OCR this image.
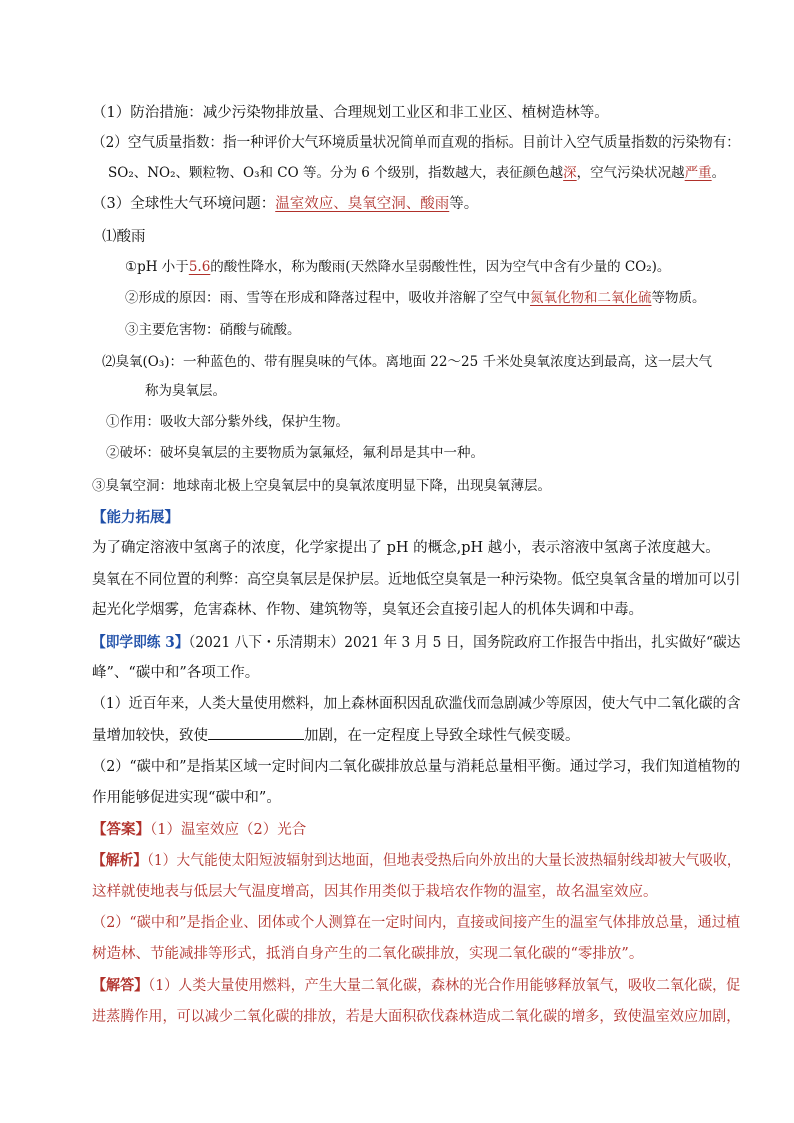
（1）防治措施：减少污染物排放量、合理规划工业区和非工业区、植树造林等。
（2）空气质量指数：指一种评价大气环境质量状况简单而直观的指标。目前计入空气质量指数的污染物有：
SO₂、NO₂、颗粒物、O₃和 CO 等。分为 6 个级别，指数越大，表征颜色越深，空气污染状况越严重。
（3）全球性大气环境问题：温室效应、臭氧空洞、酸雨等。
⑴酸雨
①pH 小于5.6的酸性降水，称为酸雨(天然降水呈弱酸性性，因为空气中含有少量的 CO₂)。
②形成的原因：雨、雪等在形成和降落过程中，吸收并溶解了空气中氮氧化物和二氧化硫等物质。
③主要危害物：硝酸与硫酸。
⑵臭氧(O₃)：一种蓝色的、带有腥臭味的气体。离地面 22～25 千米处臭氧浓度达到最高，这一层大气
称为臭氧层。
①作用：吸收大部分紫外线，保护生物。
②破坏：破坏臭氧层的主要物质为氯氟烃，氟利昂是其中一种。
③臭氧空洞：地球南北极上空臭氧层中的臭氧浓度明显下降，出现臭氧薄层。
【能力拓展】
为了确定溶液中氢离子的浓度，化学家提出了 pH 的概念,pH 越小，表示溶液中氢离子浓度越大。
臭氧在不同位置的利弊：高空臭氧层是保护层。近地低空臭氧是一种污染物。低空臭氧含量的增加可以引
起光化学烟雾，危害森林、作物、建筑物等，臭氧还会直接引起人的机体失调和中毒。
【即学即练 3】（2021 八下・乐清期末）2021 年 3 月 5 日，国务院政府工作报告中指出，扎实做好“碳达
峰”、“碳中和”各项工作。
（1）近百年来，人类大量使用燃料，加上森林面积因乱砍滥伐而急剧减少等原因，使大气中二氧化碳的含
量增加较快，致使	加剧，在一定程度上导致全球性气候变暖。
（2）“碳中和”是指某区域一定时间内二氧化碳排放总量与消耗总量相平衡。通过学习，我们知道植物的
作用能够促进实现“碳中和”。
【答案】（1）温室效应（2）光合
【解析】（1）大气能使太阳短波辐射到达地面，但地表受热后向外放出的大量长波热辐射线却被大气吸收，
这样就使地表与低层大气温度增高，因其作用类似于栽培农作物的温室，故名温室效应。
（2）“碳中和”是指企业、团体或个人测算在一定时间内，直接或间接产生的温室气体排放总量，通过植
树造林、节能减排等形式，抵消自身产生的二氧化碳排放，实现二氧化碳的“零排放”。
【解答】（1）人类大量使用燃料，产生大量二氧化碳，森林的光合作用能够释放氧气，吸收二氧化碳，促
进蒸腾作用，可以减少二氧化碳的排放，若是大面积砍伐森林造成二氧化碳的增多，致使温室效应加剧，
